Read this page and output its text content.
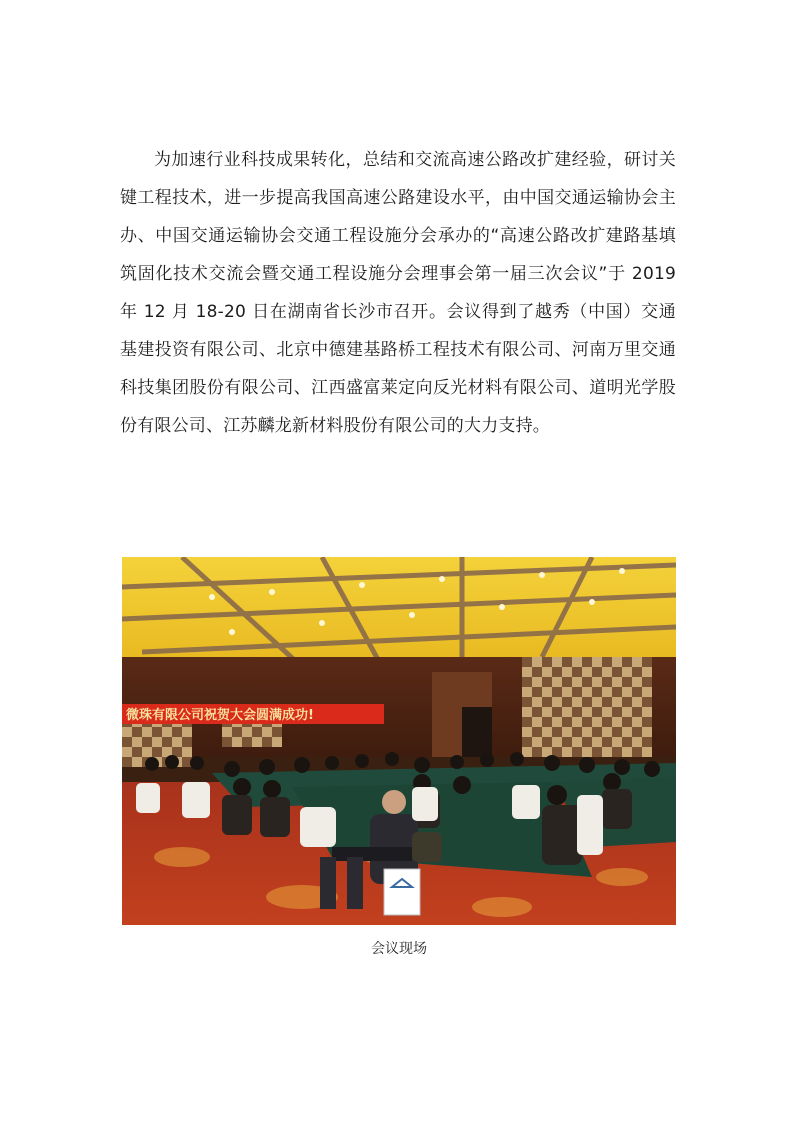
为加速行业科技成果转化，总结和交流高速公路改扩建经验，研讨关键工程技术，进一步提高我国高速公路建设水平，由中国交通运输协会主办、中国交通运输协会交通工程设施分会承办的“高速公路改扩建路基填筑固化技术交流会暨交通工程设施分会理事会第一届三次会议”于 2019 年 12 月 18-20 日在湖南省长沙市召开。会议得到了越秀（中国）交通基建投资有限公司、北京中德建基路桥工程技术有限公司、河南万里交通科技集团股份有限公司、江西盛富莱定向反光材料有限公司、道明光学股份有限公司、江苏麟龙新材料股份有限公司的大力支持。

微珠有限公司祝贺大会圆满成功!
会议现场
